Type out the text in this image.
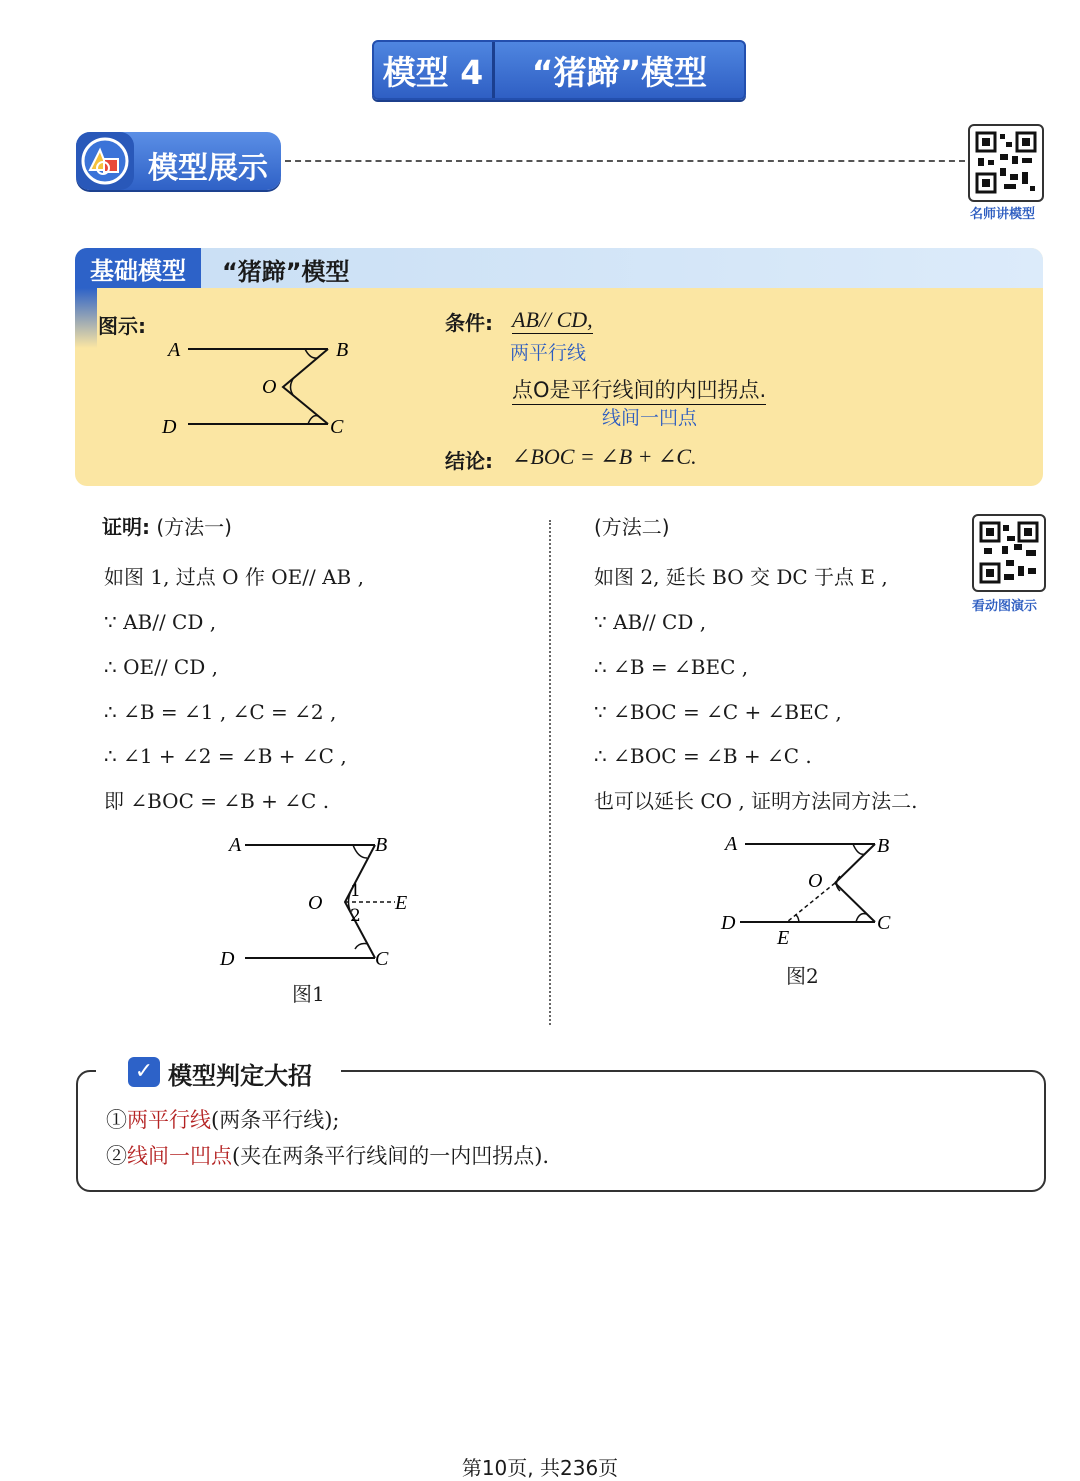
模型 4	“猪蹄”模型
模型展示
名师讲模型
基础模型	“猪蹄”模型
图示:
A	B
O
D	C
条件: AB// CD,
两平行线
点O是平行线间的内凹拐点.
线间一凹点
结论: ∠BOC = ∠B + ∠C.
证明: (方法一)
如图 1, 过点 O 作 OE// AB ,
∵ AB// CD ,
∴ OE// CD ,
∴ ∠B = ∠1 , ∠C = ∠2 ,
∴ ∠1 + ∠2 = ∠B + ∠C ,
即 ∠BOC = ∠B + ∠C .
A	B
O	E
1
2
D	C
图1
(方法二)
如图 2, 延长 BO 交 DC 于点 E ,
∵ AB// CD ,
∴ ∠B = ∠BEC ,
∵ ∠BOC = ∠C + ∠BEC ,
∴ ∠BOC = ∠B + ∠C .
也可以延长 CO , 证明方法同方法二.
看动图演示
A	B
O
D
E
C
图2
✓ 模型判定大招
①两平行线(两条平行线);
②线间一凹点(夹在两条平行线间的一内凹拐点).
第10页, 共236页
